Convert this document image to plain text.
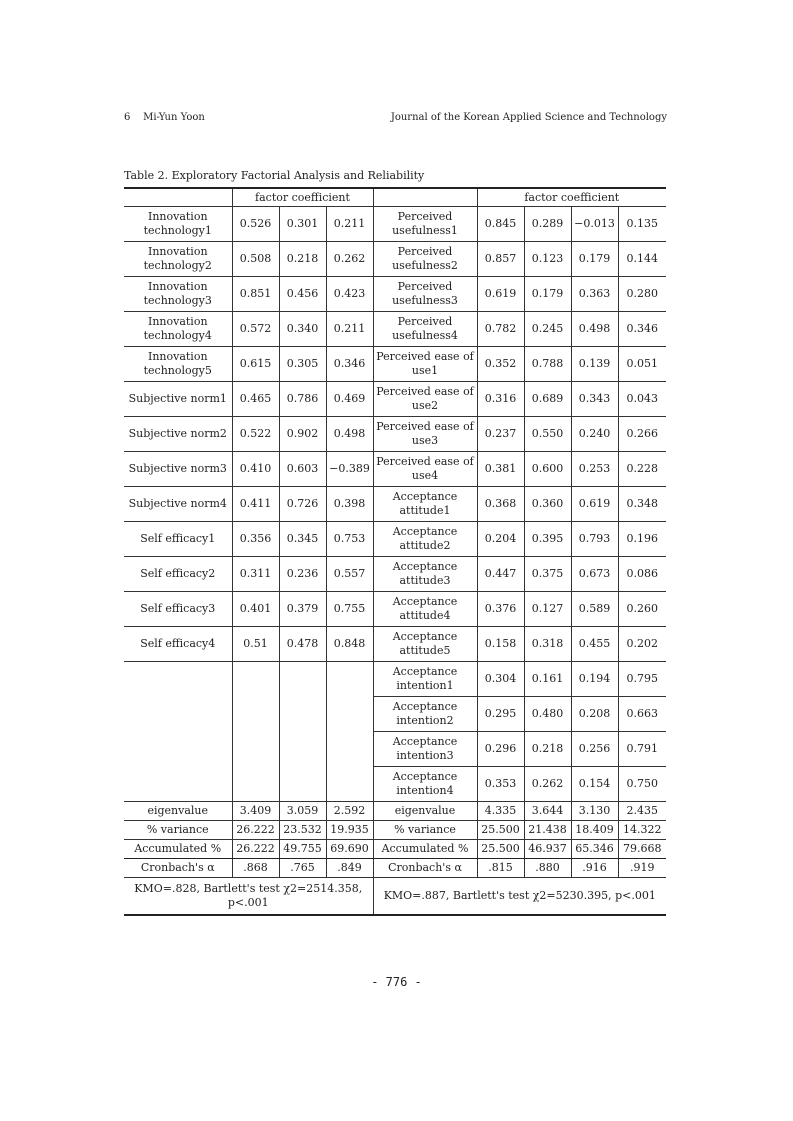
6 Mi-Yun Yoon	Journal of the Korean Applied Science and Technology
Table 2. Exploratory Factorial Analysis and Reliability
	factor coefficient				factor coefficient			
Innovation technology1	0.526	0.301	0.211	Perceived usefulness1	0.845	0.289	−0.013	0.135
Innovation technology2	0.508	0.218	0.262	Perceived usefulness2	0.857	0.123	0.179	0.144
Innovation technology3	0.851	0.456	0.423	Perceived usefulness3	0.619	0.179	0.363	0.280
Innovation technology4	0.572	0.340	0.211	Perceived usefulness4	0.782	0.245	0.498	0.346
Innovation technology5	0.615	0.305	0.346	Perceived ease of use1	0.352	0.788	0.139	0.051
Subjective norm1	0.465	0.786	0.469	Perceived ease of use2	0.316	0.689	0.343	0.043
Subjective norm2	0.522	0.902	0.498	Perceived ease of use3	0.237	0.550	0.240	0.266
Subjective norm3	0.410	0.603	−0.389	Perceived ease of use4	0.381	0.600	0.253	0.228
Subjective norm4	0.411	0.726	0.398	Acceptance attitude1	0.368	0.360	0.619	0.348
Self efficacy1	0.356	0.345	0.753	Acceptance attitude2	0.204	0.395	0.793	0.196
Self efficacy2	0.311	0.236	0.557	Acceptance attitude3	0.447	0.375	0.673	0.086
Self efficacy3	0.401	0.379	0.755	Acceptance attitude4	0.376	0.127	0.589	0.260
Self efficacy4	0.51	0.478	0.848	Acceptance attitude5	0.158	0.318	0.455	0.202
				Acceptance intention1	0.304	0.161	0.194	0.795
				Acceptance intention2	0.295	0.480	0.208	0.663
				Acceptance intention3	0.296	0.218	0.256	0.791
				Acceptance intention4	0.353	0.262	0.154	0.750
eigenvalue	3.409	3.059	2.592	eigenvalue	4.335	3.644	3.130	2.435
% variance	26.222	23.532	19.935	% variance	25.500	21.438	18.409	14.322
Accumulated %	26.222	49.755	69.690	Accumulated %	25.500	46.937	65.346	79.668
Cronbach's α	.868	.765	.849	Cronbach's α	.815	.880	.916	.919
KMO=.828, Bartlett's test χ2=2514.358, p<.001				KMO=.887, Bartlett's test χ2=5230.395, p<.001				
- 776 -
